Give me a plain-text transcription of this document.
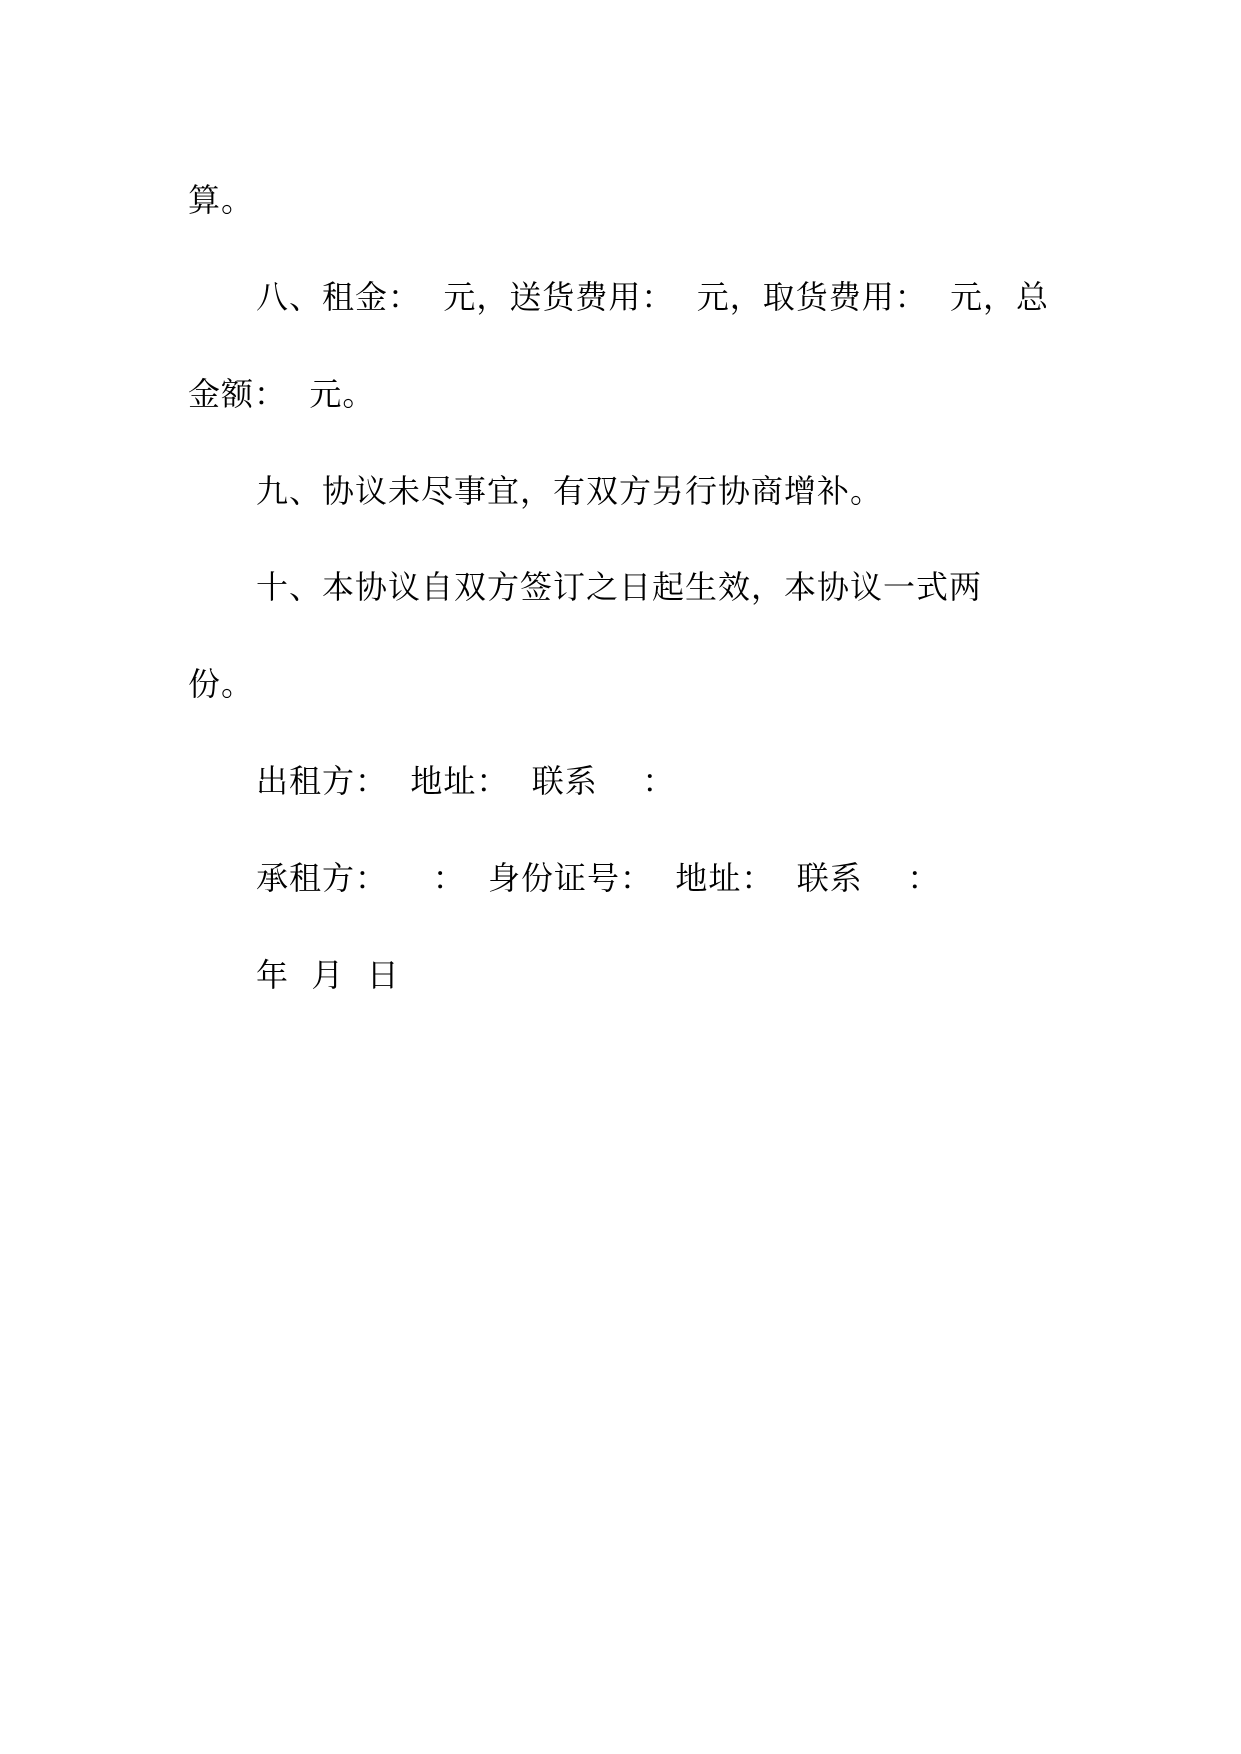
算。
八、租金：  元，送货费用：  元，取货费用：  元，总
金额：  元。
九、协议未尽事宜，有双方另行协商增补。
十、本协议自双方签订之日起生效，本协议一式两
份。
出租方：  地址：  联系    ：
承租方：    ：  身份证号：  地址：  联系    ：
年  月  日
